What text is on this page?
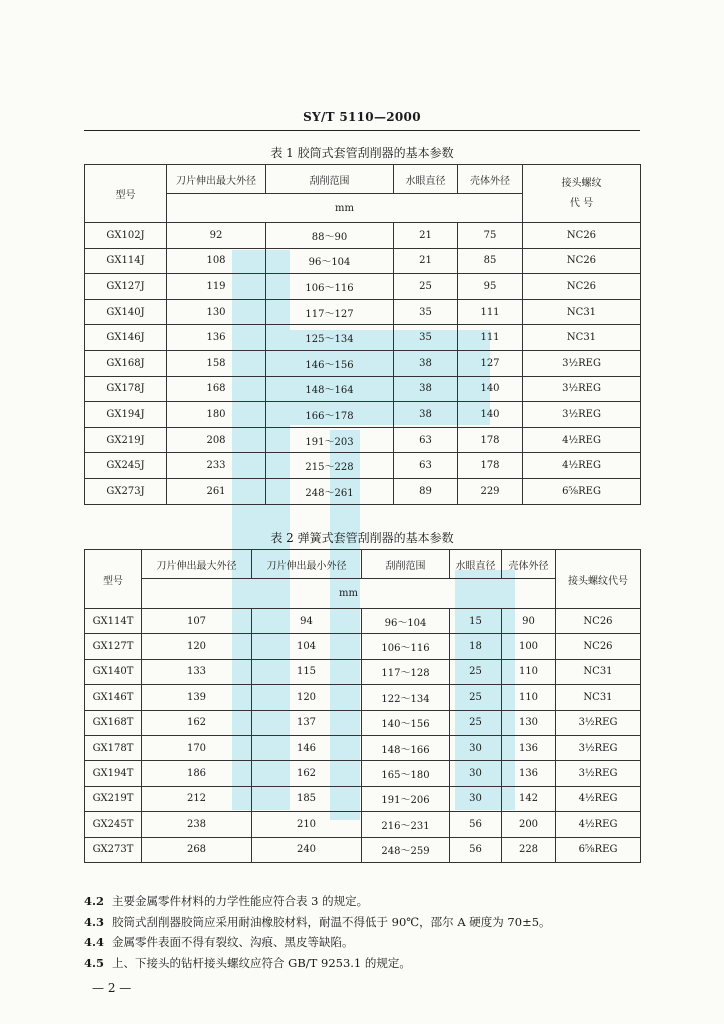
SY/T 5110—2000
表 1 胶筒式套管刮削器的基本参数
型号	刀片伸出最大外径	刮削范围	水眼直径	壳体外径	接头螺纹
代 号
	mm				
GX102J	92	88～90	21	75	NC26
GX114J	108	96～104	21	85	NC26
GX127J	119	106～116	25	95	NC26
GX140J	130	117～127	35	111	NC31
GX146J	136	125～134	35	111	NC31
GX168J	158	146～156	38	127	3½REG
GX178J	168	148～164	38	140	3½REG
GX194J	180	166～178	38	140	3½REG
GX219J	208	191～203	63	178	4½REG
GX245J	233	215～228	63	178	4½REG
GX273J	261	248～261	89	229	6⅝REG
表 2 弹簧式套管刮削器的基本参数
型号	刀片伸出最大外径	刀片伸出最小外径	刮削范围	水眼直径	壳体外径	接头螺纹代号
	mm					
GX114T	107	94	96～104	15	90	NC26
GX127T	120	104	106～116	18	100	NC26
GX140T	133	115	117～128	25	110	NC31
GX146T	139	120	122～134	25	110	NC31
GX168T	162	137	140～156	25	130	3½REG
GX178T	170	146	148～166	30	136	3½REG
GX194T	186	162	165～180	30	136	3½REG
GX219T	212	185	191～206	30	142	4½REG
GX245T	238	210	216～231	56	200	4½REG
GX273T	268	240	248～259	56	228	6⅝REG
4.2 主要金属零件材料的力学性能应符合表 3 的规定。
4.3 胶筒式刮削器胶筒应采用耐油橡胶材料，耐温不得低于 90℃，邵尔 A 硬度为 70±5。
4.4 金属零件表面不得有裂纹、沟痕、黑皮等缺陷。
4.5 上、下接头的钻杆接头螺纹应符合 GB/T 9253.1 的规定。
— 2 —
